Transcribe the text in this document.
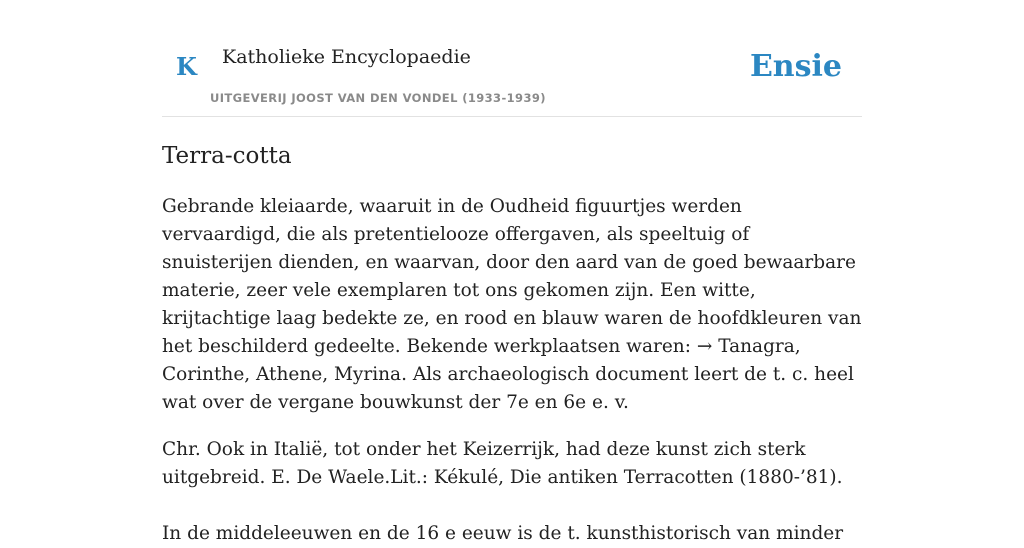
K Katholieke Encyclopaedie
UITGEVERIJ JOOST VAN DEN VONDEL (1933-1939)
Ensie
Terra-cotta

Gebrande kleiaarde, waaruit in de Oudheid figuurtjes werden vervaardigd, die als pretentielooze offergaven, als speeltuig of snuisterijen dienden, en waarvan, door den aard van de goed bewaarbare materie, zeer vele exemplaren tot ons gekomen zijn. Een witte, krijtachtige laag bedekte ze, en rood en blauw waren de hoofdkleuren van het beschilderd gedeelte. Bekende werkplaatsen waren: → Tanagra, Corinthe, Athene, Myrina. Als archaeologisch document leert de t. c. heel wat over de vergane bouwkunst der 7e en 6e e. v.

Chr. Ook in Italië, tot onder het Keizerrijk, had deze kunst zich sterk uitgebreid. E. De Waele.Lit.: Kékulé, Die antiken Terracotten (1880-’81).

In de middeleeuwen en de 16 e eeuw is de t. kunsthistorisch van minder
